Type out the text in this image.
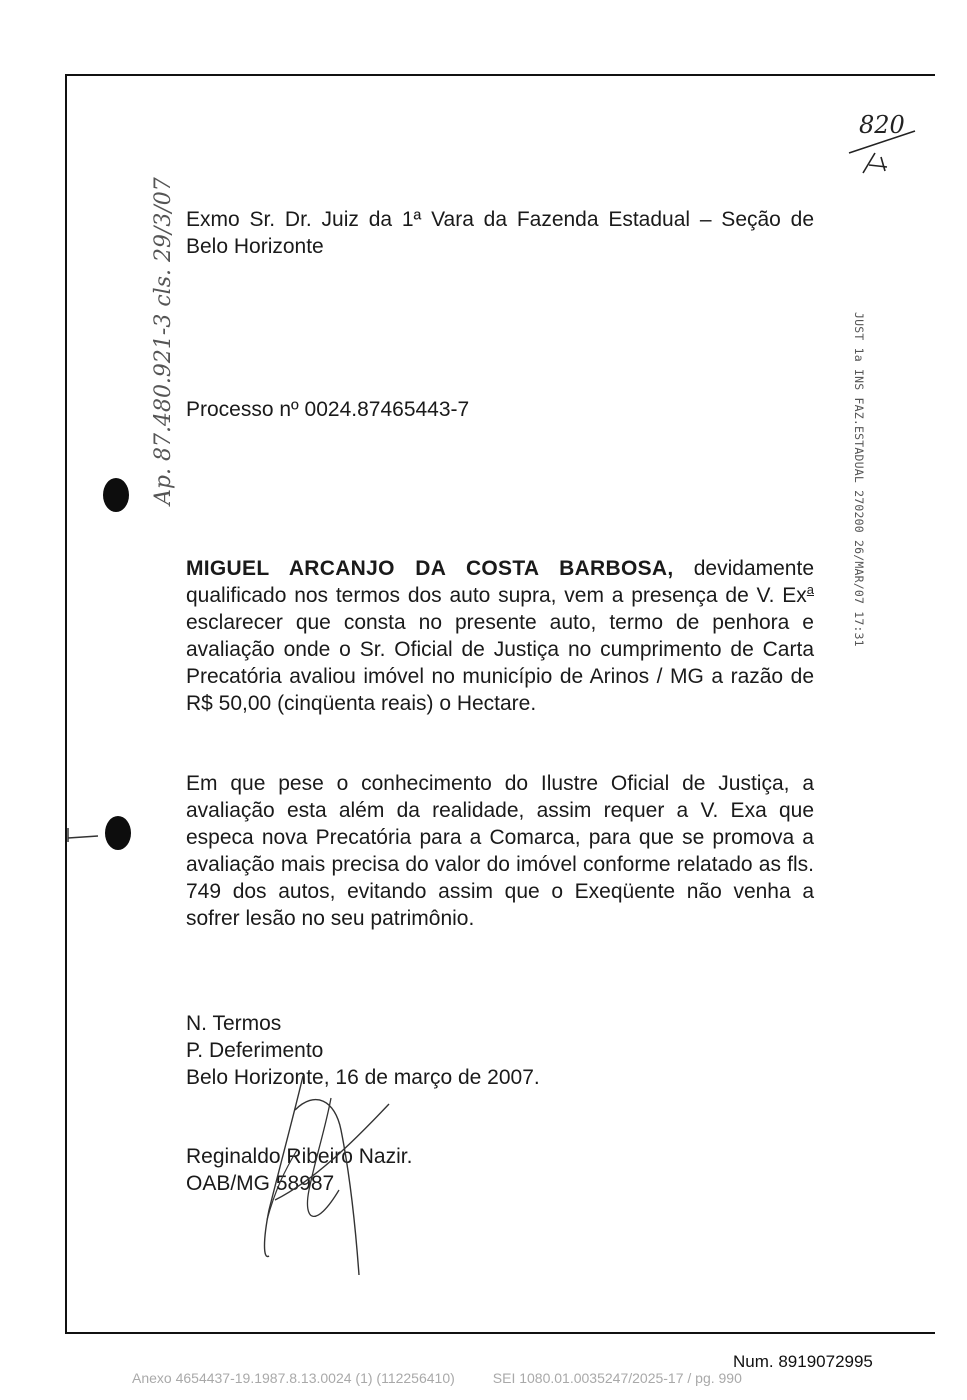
820
Ap. 87.480.921-3 cls. 29/3/07	JUST 1a INS FAZ.ESTADUAL 270200 26/MAR/07 17:31
Exmo Sr. Dr. Juiz da 1ª Vara da Fazenda Estadual – Seção de Belo Horizonte
Processo nº 0024.87465443-7
MIGUEL ARCANJO DA COSTA BARBOSA, devidamente qualificado nos termos dos auto supra, vem a presença de V. Ex$^a$ esclarecer que consta no presente auto, termo de penhora e avaliação onde o Sr. Oficial de Justiça no cumprimento de Carta Precatória avaliou imóvel no município de Arinos / MG a razão de R$ 50,00 (cinqüenta reais) o Hectare.
Em que pese o conhecimento do Ilustre Oficial de Justiça, a avaliação esta além da realidade, assim requer a V. Exa que especa nova Precatória para a Comarca, para que se promova a avaliação mais precisa do valor do imóvel conforme relatado as fls. 749 dos autos, evitando assim que o Exeqüente não venha a sofrer lesão no seu patrimônio.
N. Termos
P. Deferimento
Belo Horizonte, 16 de março de 2007.
Reginaldo Ribeiro Nazir.
OAB/MG 58987
Num. 8919072995
Anexo 4654437-19.1987.8.13.0024 (1) (112256410)	SEI 1080.01.0035247/2025-17 / pg. 990
